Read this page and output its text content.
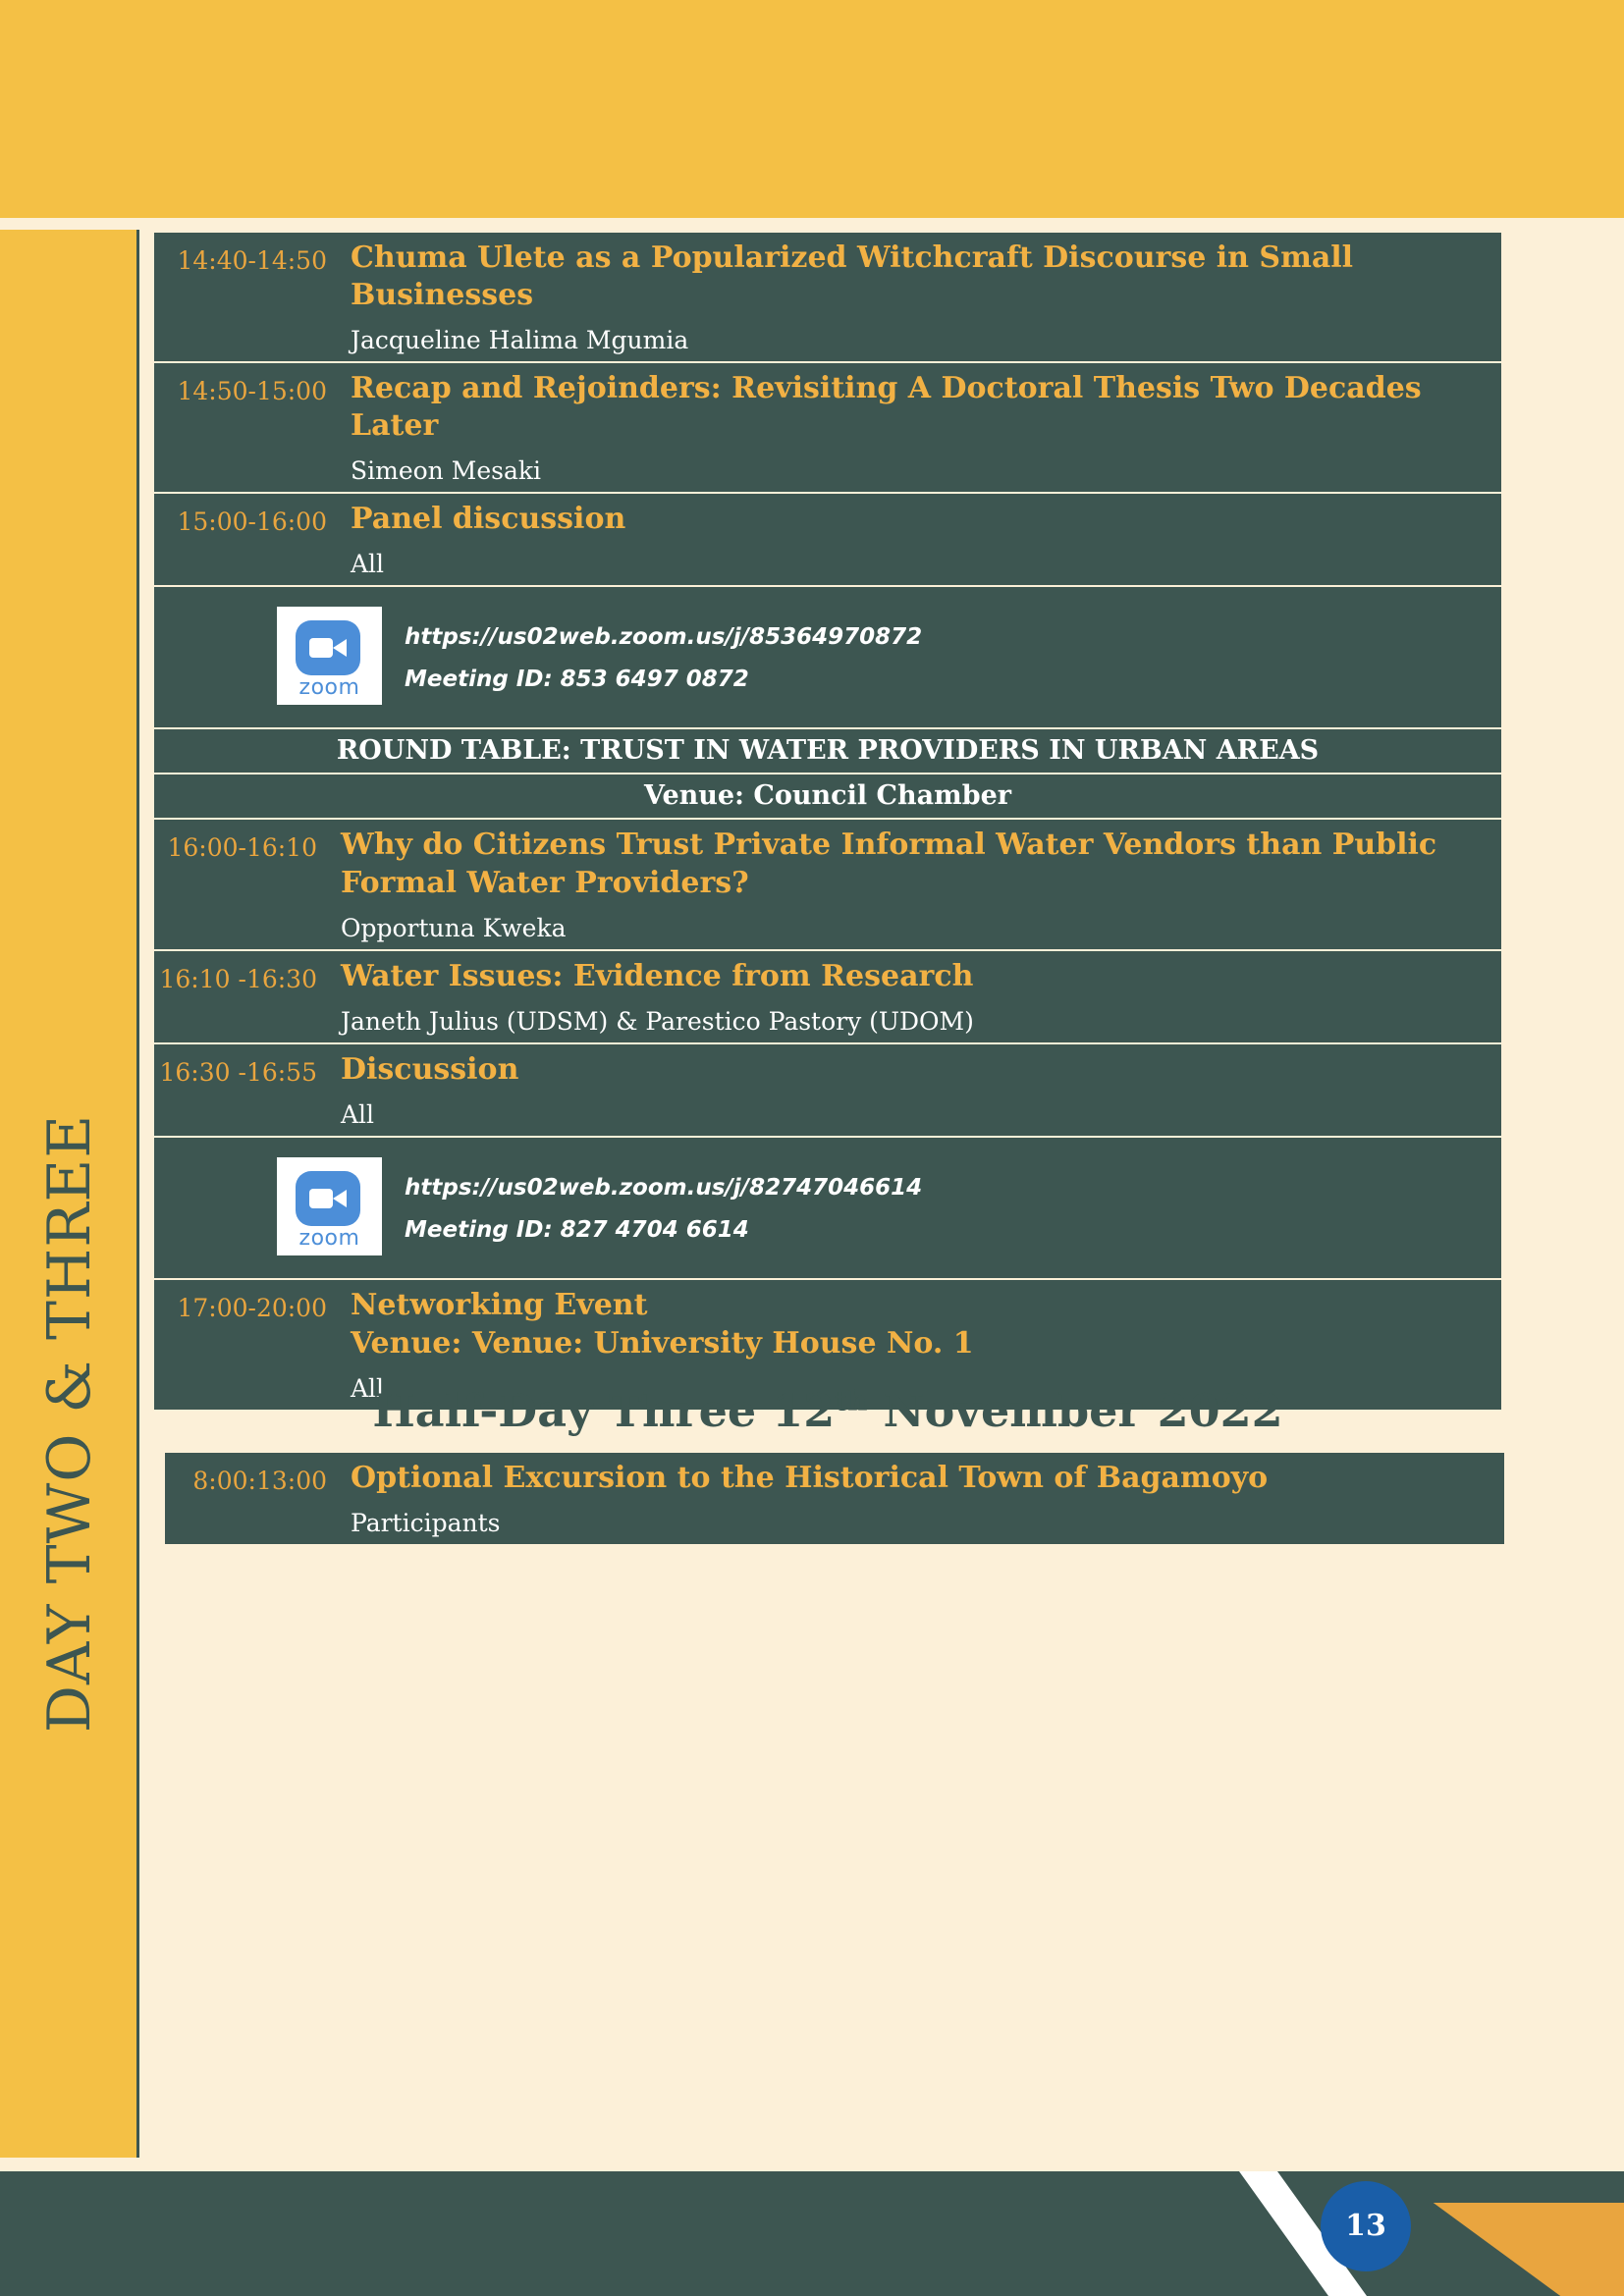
DAY TWO & THREE
14:40-14:50 Chuma Ulete as a Popularized Witchcraft Discourse in Small Businesses
Jacqueline Halima Mgumia
14:50-15:00 Recap and Rejoinders: Revisiting A Doctoral Thesis Two Decades Later
Simeon Mesaki
15:00-16:00 Panel discussion
All
zoom
https://us02web.zoom.us/j/85364970872
Meeting ID: 853 6497 0872
ROUND TABLE: TRUST IN WATER PROVIDERS IN URBAN AREAS
Venue: Council Chamber
16:00-16:10 Why do Citizens Trust Private Informal Water Vendors than Public
Formal Water Providers?
Opportuna Kweka
16:10 -16:30 Water Issues: Evidence from Research
Janeth Julius (UDSM) & Parestico Pastory (UDOM)
16:30 -16:55 Discussion
All
zoom
https://us02web.zoom.us/j/82747046614
Meeting ID: 827 4704 6614
17:00-20:00 Networking Event
Venue: Venue: University House No. 1
All
Half-Day Three 12th November 2022
8:00:13:00 Optional Excursion to the Historical Town of Bagamoyo
Participants
13
